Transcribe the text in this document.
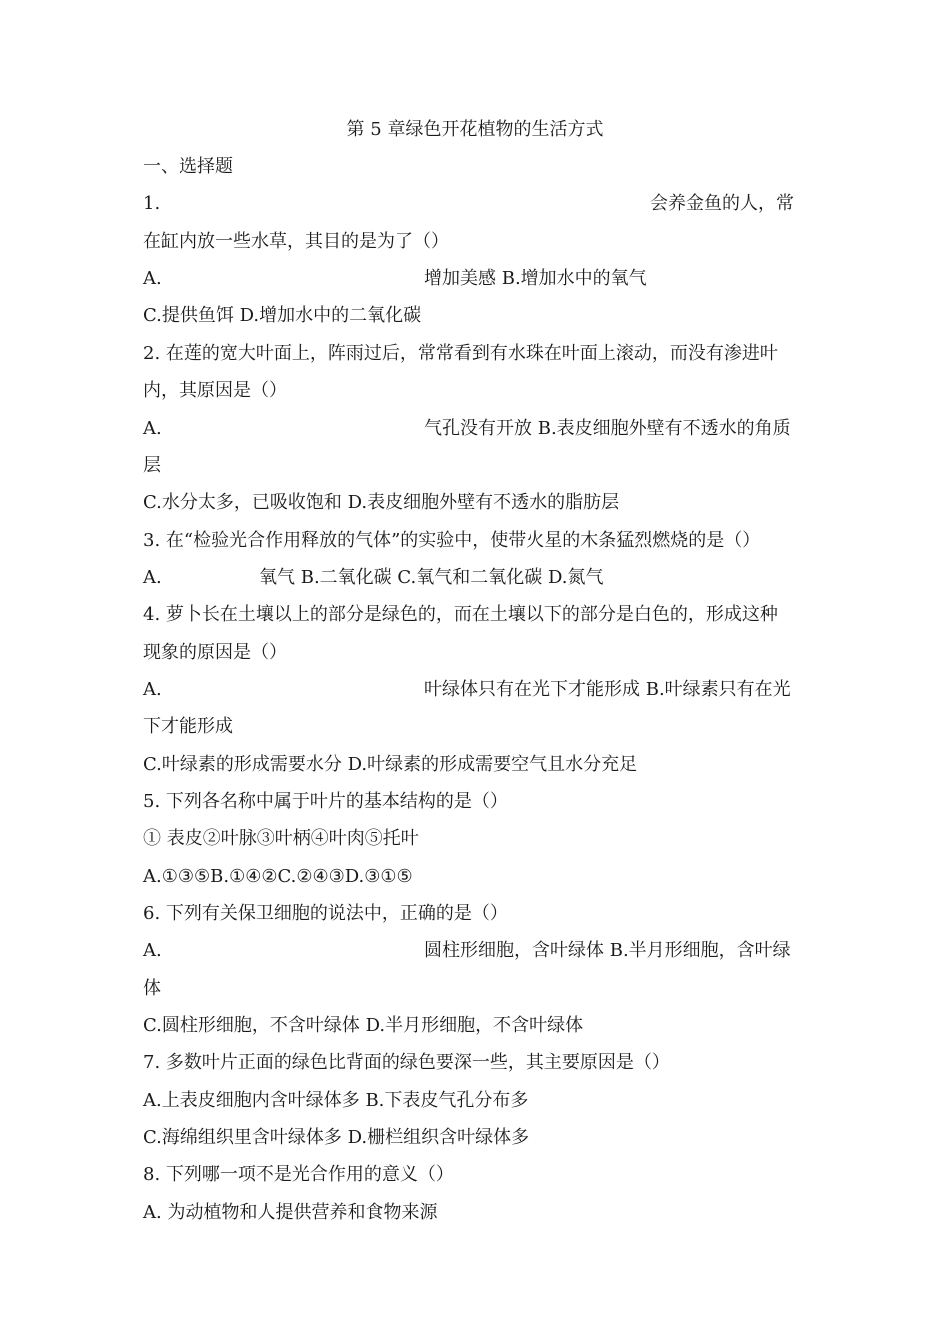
第 5 章绿色开花植物的生活方式
一、选择题
1.	会养金鱼的人，常
在缸内放一些水草，其目的是为了（）
A.	增加美感 B.增加水中的氧气
C.提供鱼饵 D.增加水中的二氧化碳
2. 在莲的宽大叶面上，阵雨过后，常常看到有水珠在叶面上滚动，而没有渗进叶
内，其原因是（）
A.	气孔没有开放 B.表皮细胞外壁有不透水的角质
层
C.水分太多，已吸收饱和 D.表皮细胞外壁有不透水的脂肪层
3. 在“检验光合作用释放的气体”的实验中，使带火星的木条猛烈燃烧的是（）
A.	氧气 B.二氧化碳 C.氧气和二氧化碳 D.氮气
4. 萝卜长在土壤以上的部分是绿色的，而在土壤以下的部分是白色的，形成这种
现象的原因是（）
A.	叶绿体只有在光下才能形成 B.叶绿素只有在光
下才能形成
C.叶绿素的形成需要水分 D.叶绿素的形成需要空气且水分充足
5. 下列各名称中属于叶片的基本结构的是（）
① 表皮②叶脉③叶柄④叶肉⑤托叶
A.①③⑤B.①④②C.②④③D.③①⑤
6. 下列有关保卫细胞的说法中，正确的是（）
A.	圆柱形细胞，含叶绿体 B.半月形细胞，含叶绿
体
C.圆柱形细胞，不含叶绿体 D.半月形细胞，不含叶绿体
7. 多数叶片正面的绿色比背面的绿色要深一些，其主要原因是（）
A.上表皮细胞内含叶绿体多 B.下表皮气孔分布多
C.海绵组织里含叶绿体多 D.栅栏组织含叶绿体多
8. 下列哪一项不是光合作用的意义（）
A. 为动植物和人提供营养和食物来源
